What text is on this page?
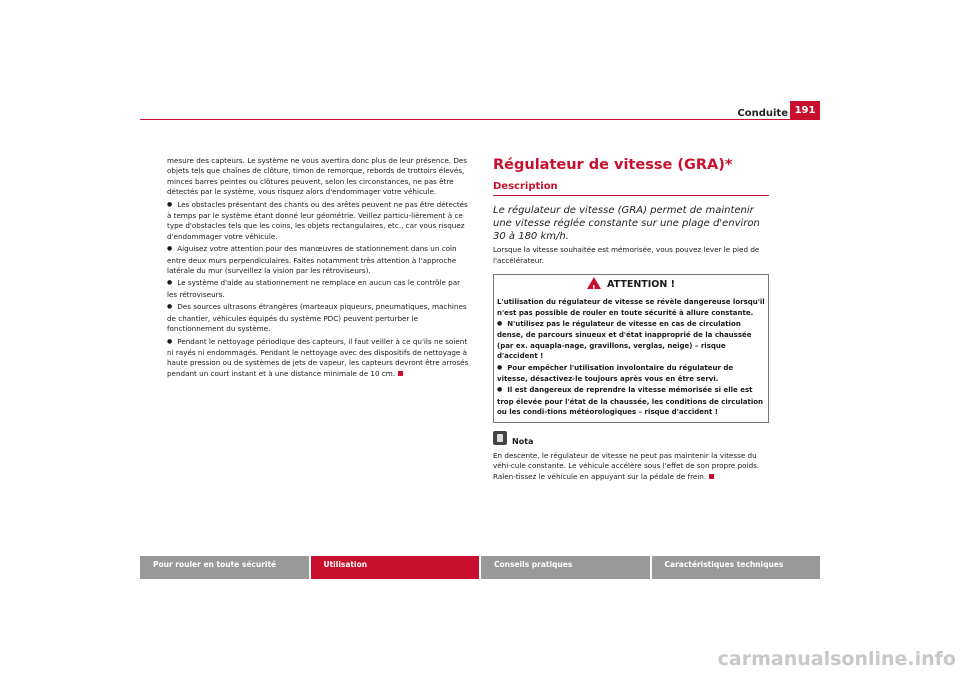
Conduite 191

mesure des capteurs. Le système ne vous avertira donc plus de leur présence. Des objets tels que chaînes de clôture, timon de remorque, rebords de trottoirs élevés, minces barres peintes ou clôtures peuvent, selon les circonstances, ne pas être détectés par le système, vous risquez alors d'endommager votre véhicule.

● Les obstacles présentant des chants ou des arêtes peuvent ne pas être détectés à temps par le système étant donné leur géométrie. Veillez particu-lièrement à ce type d'obstacles tels que les coins, les objets rectangulaires, etc., car vous risquez d'endommager votre véhicule.

● Aiguisez votre attention pour des manœuvres de stationnement dans un coin entre deux murs perpendiculaires. Faites notamment très attention à l'approche latérale du mur (surveillez la vision par les rétroviseurs).

● Le système d'aide au stationnement ne remplace en aucun cas le contrôle par les rétroviseurs.

● Des sources ultrasons étrangères (marteaux piqueurs, pneumatiques, machines de chantier, véhicules équipés du système PDC) peuvent perturber le fonctionnement du système.

● Pendant le nettoyage périodique des capteurs, il faut veiller à ce qu'ils ne soient ni rayés ni endommagés. Pendant le nettoyage avec des dispositifs de nettoyage à haute pression ou de systèmes de jets de vapeur, les capteurs devront être arrosés pendant un court instant et à une distance minimale de 10 cm.

Régulateur de vitesse (GRA)*
Description

Le régulateur de vitesse (GRA) permet de maintenir une vitesse réglée constante sur une plage d'environ 30 à 180 km/h.

Lorsque la vitesse souhaitée est mémorisée, vous pouvez lever le pied de l'accélérateur.

!ATTENTION !

L'utilisation du régulateur de vitesse se révèle dangereuse lorsqu'il n'est pas possible de rouler en toute sécurité à allure constante.

● N'utilisez pas le régulateur de vitesse en cas de circulation dense, de parcours sinueux et d'état inapproprié de la chaussée (par ex. aquapla-nage, gravillons, verglas, neige) – risque d'accident !

● Pour empêcher l'utilisation involontaire du régulateur de vitesse, désactivez-le toujours après vous en être servi.

● Il est dangereux de reprendre la vitesse mémorisée si elle est trop élevée pour l'état de la chaussée, les conditions de circulation ou les condi-tions météorologiques – risque d'accident !

Nota

En descente, le régulateur de vitesse ne peut pas maintenir la vitesse du véhi-cule constante. Le véhicule accélère sous l'effet de son propre poids. Ralen-tissez le véhicule en appuyant sur la pédale de frein.

Pour rouler en toute sécurité	Utilisation	Conseils pratiques	Caractéristiques techniques
carmanualsonline.info
